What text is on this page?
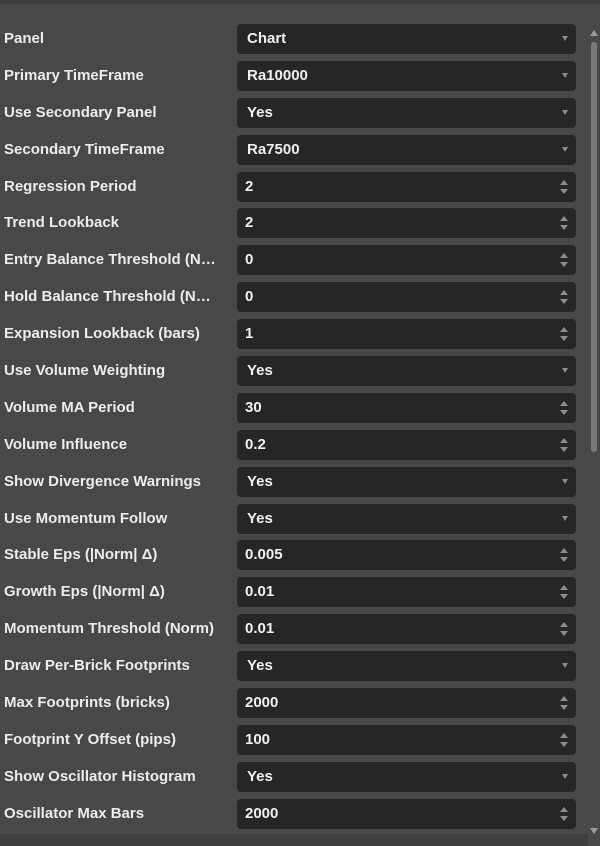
Panel	Chart
Primary TimeFrame	Ra10000
Use Secondary Panel	Yes
Secondary TimeFrame	Ra7500
Regression Period	2
Trend Lookback	2
Entry Balance Threshold (N…	0
Hold Balance Threshold (N…	0
Expansion Lookback (bars)	1
Use Volume Weighting	Yes
Volume MA Period	30
Volume Influence	0.2
Show Divergence Warnings	Yes
Use Momentum Follow	Yes
Stable Eps (|Norm| Δ)	0.005
Growth Eps (|Norm| Δ)	0.01
Momentum Threshold (Norm)	0.01
Draw Per-Brick Footprints	Yes
Max Footprints (bricks)	2000
Footprint Y Offset (pips)	100
Show Oscillator Histogram	Yes
Oscillator Max Bars	2000
